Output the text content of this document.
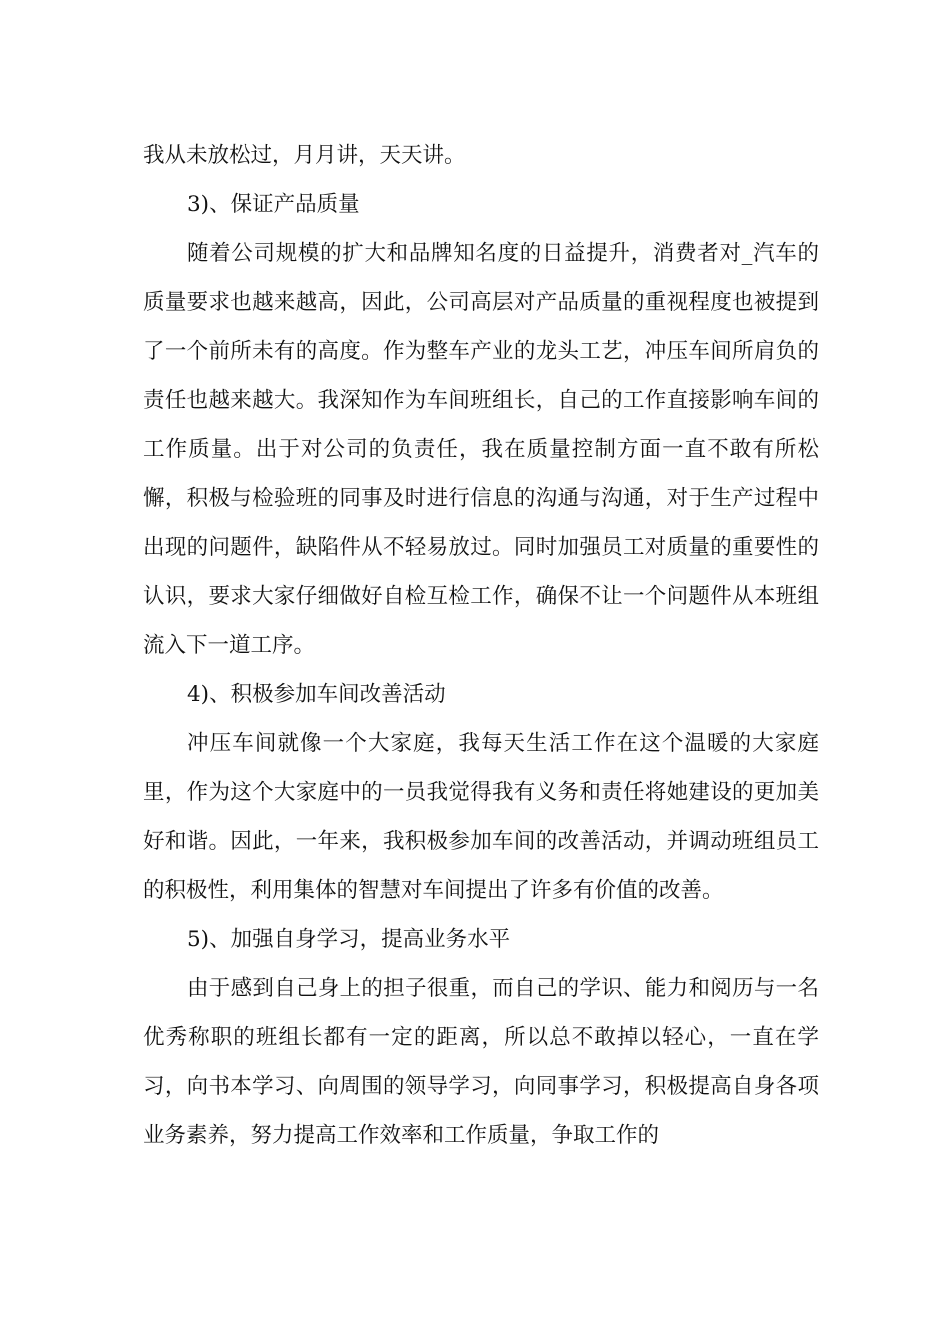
我从未放松过，月月讲，天天讲。

3)、保证产品质量

随着公司规模的扩大和品牌知名度的日益提升，消费者对_汽车的质量要求也越来越高，因此，公司高层对产品质量的重视程度也被提到了一个前所未有的高度。作为整车产业的龙头工艺，冲压车间所肩负的责任也越来越大。我深知作为车间班组长，自己的工作直接影响车间的工作质量。出于对公司的负责任，我在质量控制方面一直不敢有所松懈，积极与检验班的同事及时进行信息的沟通与沟通，对于生产过程中出现的问题件，缺陷件从不轻易放过。同时加强员工对质量的重要性的认识，要求大家仔细做好自检互检工作，确保不让一个问题件从本班组流入下一道工序。

4)、积极参加车间改善活动

冲压车间就像一个大家庭，我每天生活工作在这个温暖的大家庭里，作为这个大家庭中的一员我觉得我有义务和责任将她建设的更加美好和谐。因此，一年来，我积极参加车间的改善活动，并调动班组员工的积极性，利用集体的智慧对车间提出了许多有价值的改善。

5)、加强自身学习，提高业务水平

由于感到自己身上的担子很重，而自己的学识、能力和阅历与一名优秀称职的班组长都有一定的距离，所以总不敢掉以轻心，一直在学习，向书本学习、向周围的领导学习，向同事学习，积极提高自身各项业务素养，努力提高工作效率和工作质量，争取工作的
